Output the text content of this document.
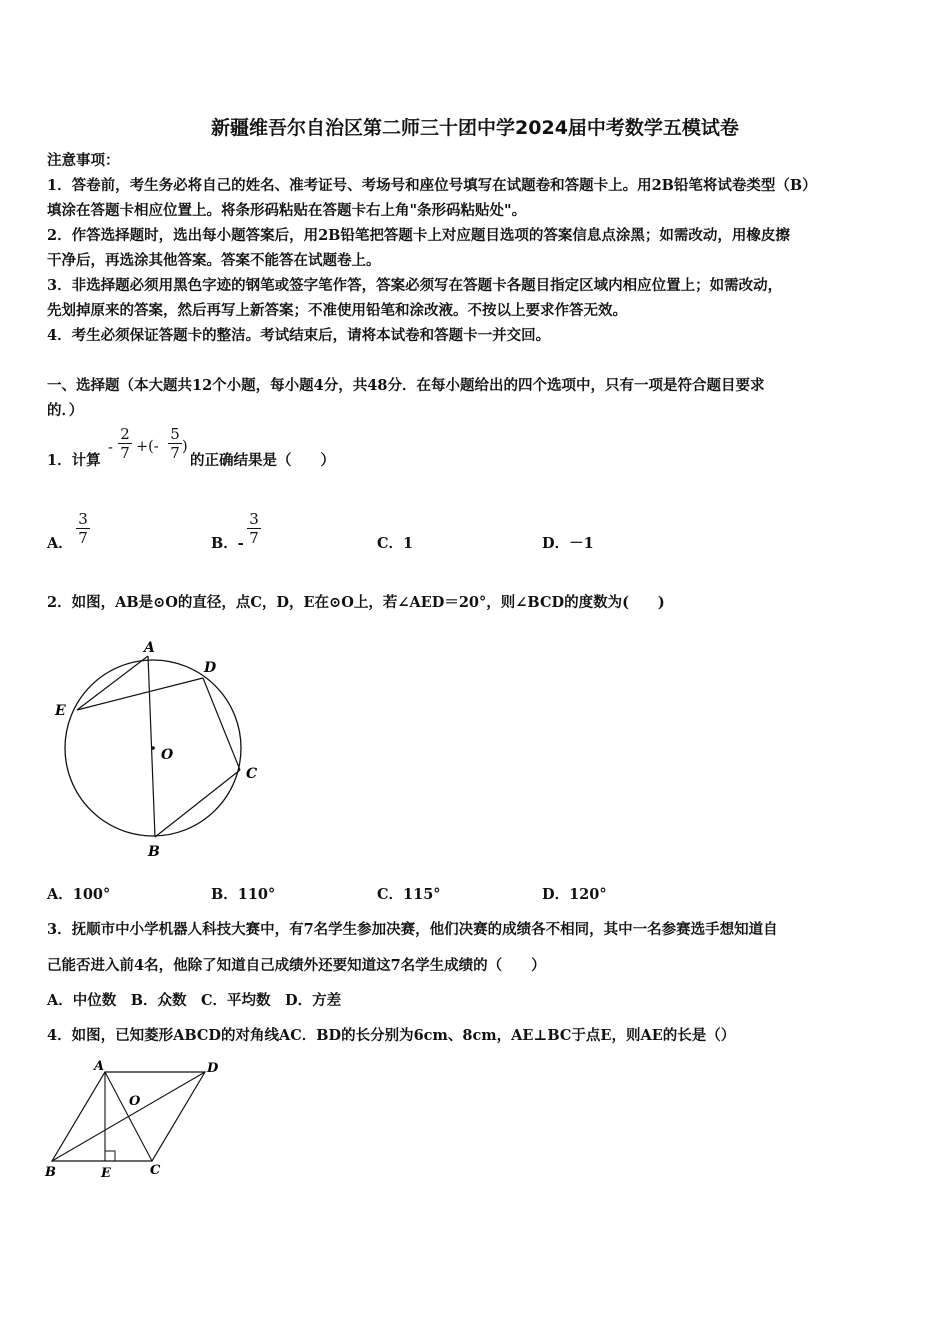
新疆维吾尔自治区第二师三十团中学2024届中考数学五模试卷
注意事项：
1．答卷前，考生务必将自己的姓名、准考证号、考场号和座位号填写在试题卷和答题卡上。用2B铅笔将试卷类型（B）
填涂在答题卡相应位置上。将条形码粘贴在答题卡右上角"条形码粘贴处"。
2．作答选择题时，选出每小题答案后，用2B铅笔把答题卡上对应题目选项的答案信息点涂黑；如需改动，用橡皮擦
干净后，再选涂其他答案。答案不能答在试题卷上。
3．非选择题必须用黑色字迹的钢笔或签字笔作答，答案必须写在答题卡各题目指定区域内相应位置上；如需改动，
先划掉原来的答案，然后再写上新答案；不准使用铅笔和涂改液。不按以上要求作答无效。
4．考生必须保证答题卡的整洁。考试结束后，请将本试卷和答题卡一并交回。
一、选择题（本大题共12个小题，每小题4分，共48分．在每小题给出的四个选项中，只有一项是符合题目要求
的．）
1．计算
- $\frac{2}{7}$ +(- $\frac{5}{7}$ )
的正确结果是（　　）
A． $\frac{3}{7}$	B．- $\frac{3}{7}$	C．1	D．－1
2．如图，AB是⊙O的直径，点C，D，E在⊙O上，若∠AED＝20°，则∠BCD的度数为(　　)
A
D
E
O
C
B
A．100°	B．110°	C．115°	D．120°
3．抚顺市中小学机器人科技大赛中，有7名学生参加决赛，他们决赛的成绩各不相同，其中一名参赛选手想知道自
己能否进入前4名，他除了知道自己成绩外还要知道这7名学生成绩的（　　）
A．中位数　B．众数　C．平均数　D．方差
4．如图，已知菱形ABCD的对角线AC．BD的长分别为6cm、8cm，AE⊥BC于点E，则AE的长是（）
A	D
O
B	E	C
